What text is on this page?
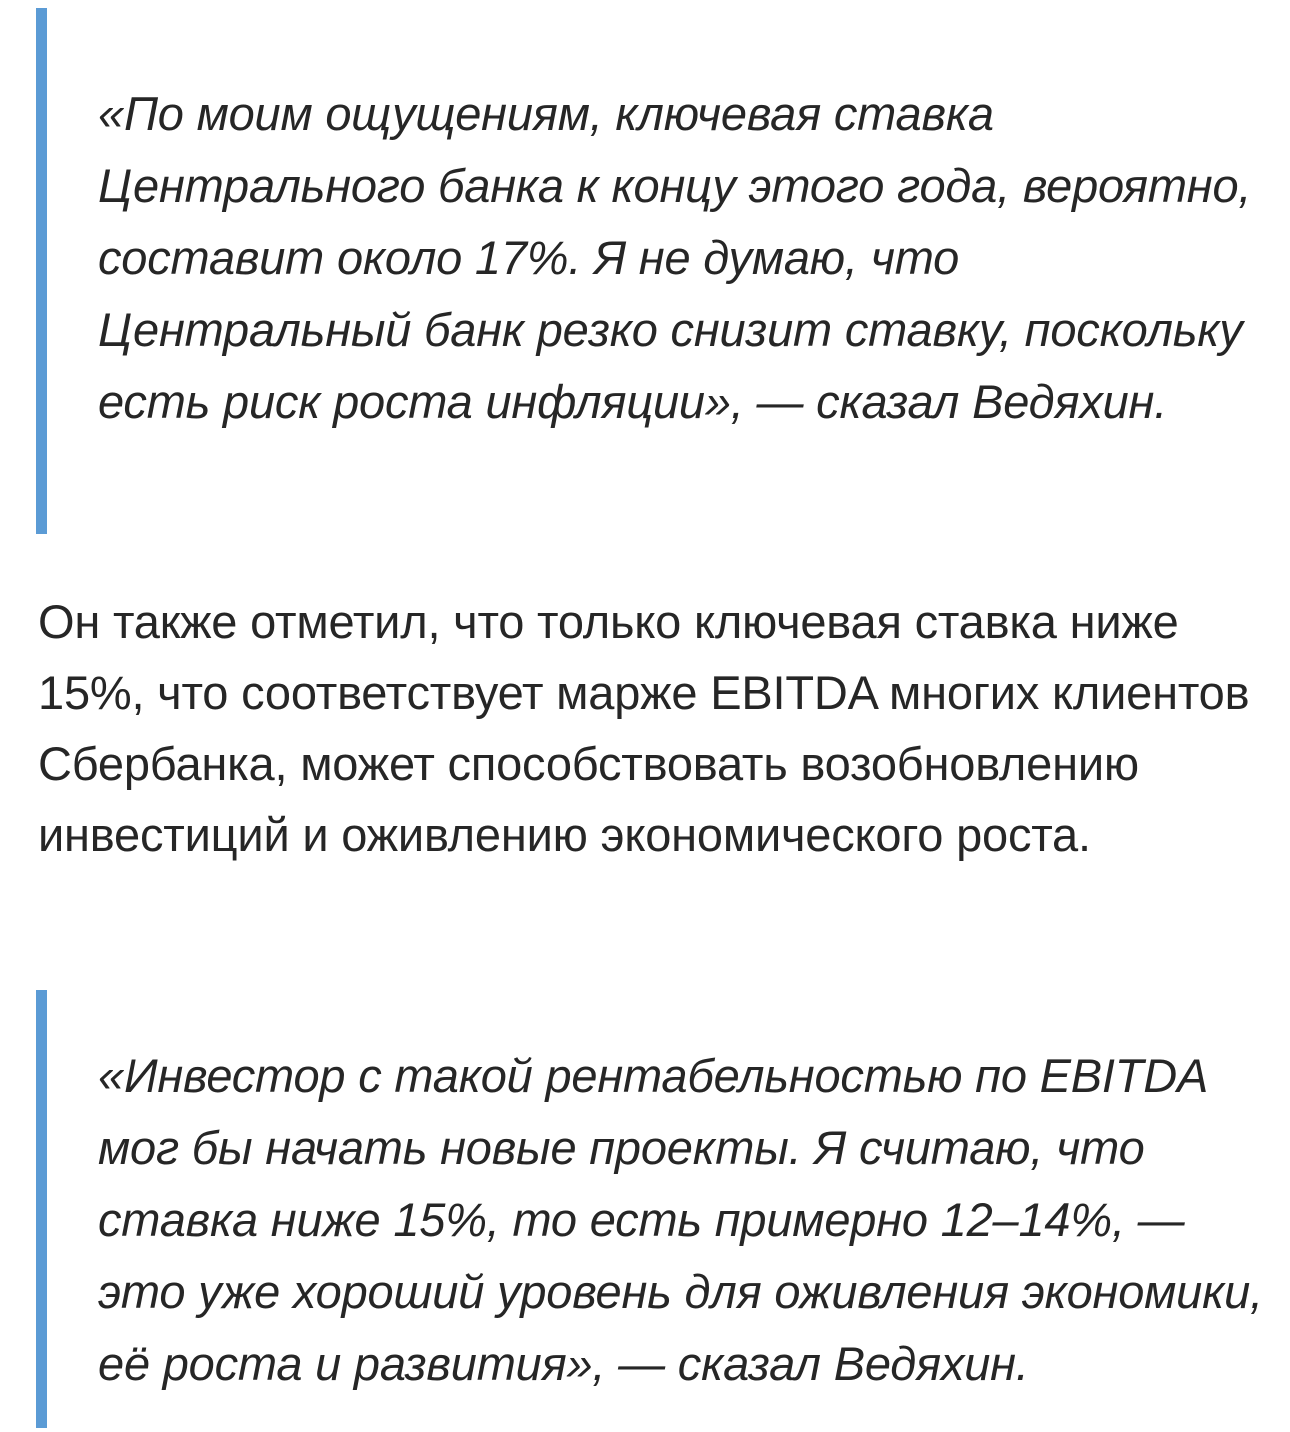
«По моим ощущениям, ключевая ставка Центрального банка к концу этого года, вероятно, составит около 17%. Я не думаю, что Центральный банк резко снизит ставку, поскольку есть риск роста инфляции», — сказал Ведяхин.

Он также отметил, что только ключевая ставка ниже 15%, что соответствует марже EBITDA многих клиентов Сбербанка, может способствовать возобновлению инвестиций и оживлению экономического роста.

«Инвестор с такой рентабельностью по EBITDA мог бы начать новые проекты. Я считаю, что ставка ниже 15%, то есть примерно 12–14%, — это уже хороший уровень для оживления экономики, её роста и развития», — сказал Ведяхин.
